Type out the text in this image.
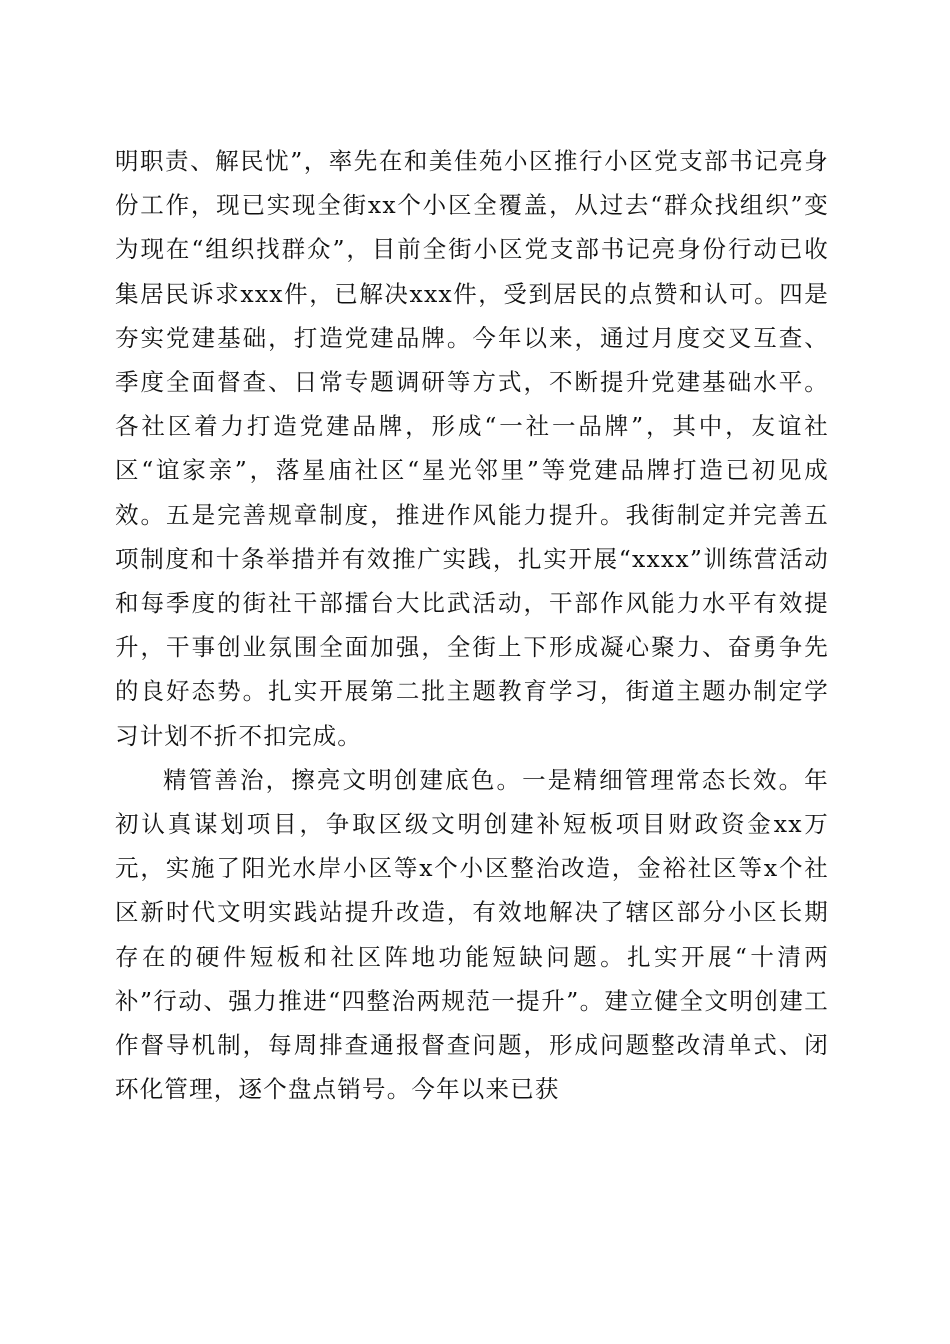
明职责、解民忧”，率先在和美佳苑小区推行小区党支部书记亮身份工作，现已实现全街xx个小区全覆盖，从过去“群众找组织”变为现在“组织找群众”，目前全街小区党支部书记亮身份行动已收集居民诉求xxx件，已解决xxx件，受到居民的点赞和认可。四是夯实党建基础，打造党建品牌。今年以来，通过月度交叉互查、季度全面督查、日常专题调研等方式，不断提升党建基础水平。各社区着力打造党建品牌，形成“一社一品牌”，其中，友谊社区“谊家亲”，落星庙社区“星光邻里”等党建品牌打造已初见成效。五是完善规章制度，推进作风能力提升。我街制定并完善五项制度和十条举措并有效推广实践，扎实开展“xxxx”训练营活动和每季度的街社干部擂台大比武活动，干部作风能力水平有效提升，干事创业氛围全面加强，全街上下形成凝心聚力、奋勇争先的良好态势。扎实开展第二批主题教育学习，街道主题办制定学习计划不折不扣完成。

精管善治，擦亮文明创建底色。一是精细管理常态长效。年初认真谋划项目，争取区级文明创建补短板项目财政资金xx万元，实施了阳光水岸小区等x个小区整治改造，金裕社区等x个社区新时代文明实践站提升改造，有效地解决了辖区部分小区长期存在的硬件短板和社区阵地功能短缺问题。扎实开展“十清两补”行动、强力推进“四整治两规范一提升”。建立健全文明创建工作督导机制，每周排查通报督查问题，形成问题整改清单式、闭环化管理，逐个盘点销号。今年以来已获
